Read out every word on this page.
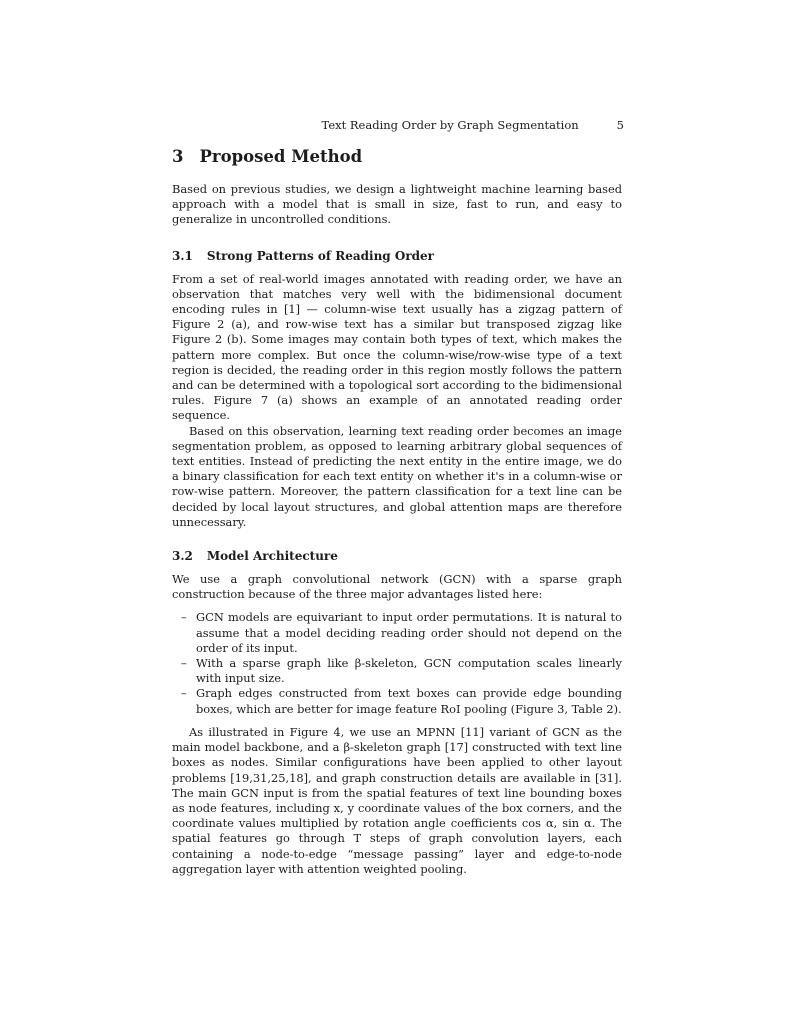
Text Reading Order by Graph Segmentation	5
3 Proposed Method

Based on previous studies, we design a lightweight machine learning based approach with a model that is small in size, fast to run, and easy to generalize in uncontrolled conditions.

3.1 Strong Patterns of Reading Order

From a set of real-world images annotated with reading order, we have an observation that matches very well with the bidimensional document encoding rules in [1] — column-wise text usually has a zigzag pattern of Figure 2 (a), and row-wise text has a similar but transposed zigzag like Figure 2 (b). Some images may contain both types of text, which makes the pattern more complex. But once the column-wise/row-wise type of a text region is decided, the reading order in this region mostly follows the pattern and can be determined with a topological sort according to the bidimensional rules. Figure 7 (a) shows an example of an annotated reading order sequence.

Based on this observation, learning text reading order becomes an image segmentation problem, as opposed to learning arbitrary global sequences of text entities. Instead of predicting the next entity in the entire image, we do a binary classification for each text entity on whether it's in a column-wise or row-wise pattern. Moreover, the pattern classification for a text line can be decided by local layout structures, and global attention maps are therefore unnecessary.

3.2 Model Architecture

We use a graph convolutional network (GCN) with a sparse graph construction because of the three major advantages listed here:

– GCN models are equivariant to input order permutations. It is natural to assume that a model deciding reading order should not depend on the order of its input.
– With a sparse graph like β-skeleton, GCN computation scales linearly with input size.
– Graph edges constructed from text boxes can provide edge bounding boxes, which are better for image feature RoI pooling (Figure 3, Table 2).

As illustrated in Figure 4, we use an MPNN [11] variant of GCN as the main model backbone, and a β-skeleton graph [17] constructed with text line boxes as nodes. Similar configurations have been applied to other layout problems [19,31,25,18], and graph construction details are available in [31]. The main GCN input is from the spatial features of text line bounding boxes as node features, including x, y coordinate values of the box corners, and the coordinate values multiplied by rotation angle coefficients cos α, sin α. The spatial features go through T steps of graph convolution layers, each containing a node-to-edge “message passing” layer and edge-to-node aggregation layer with attention weighted pooling.
